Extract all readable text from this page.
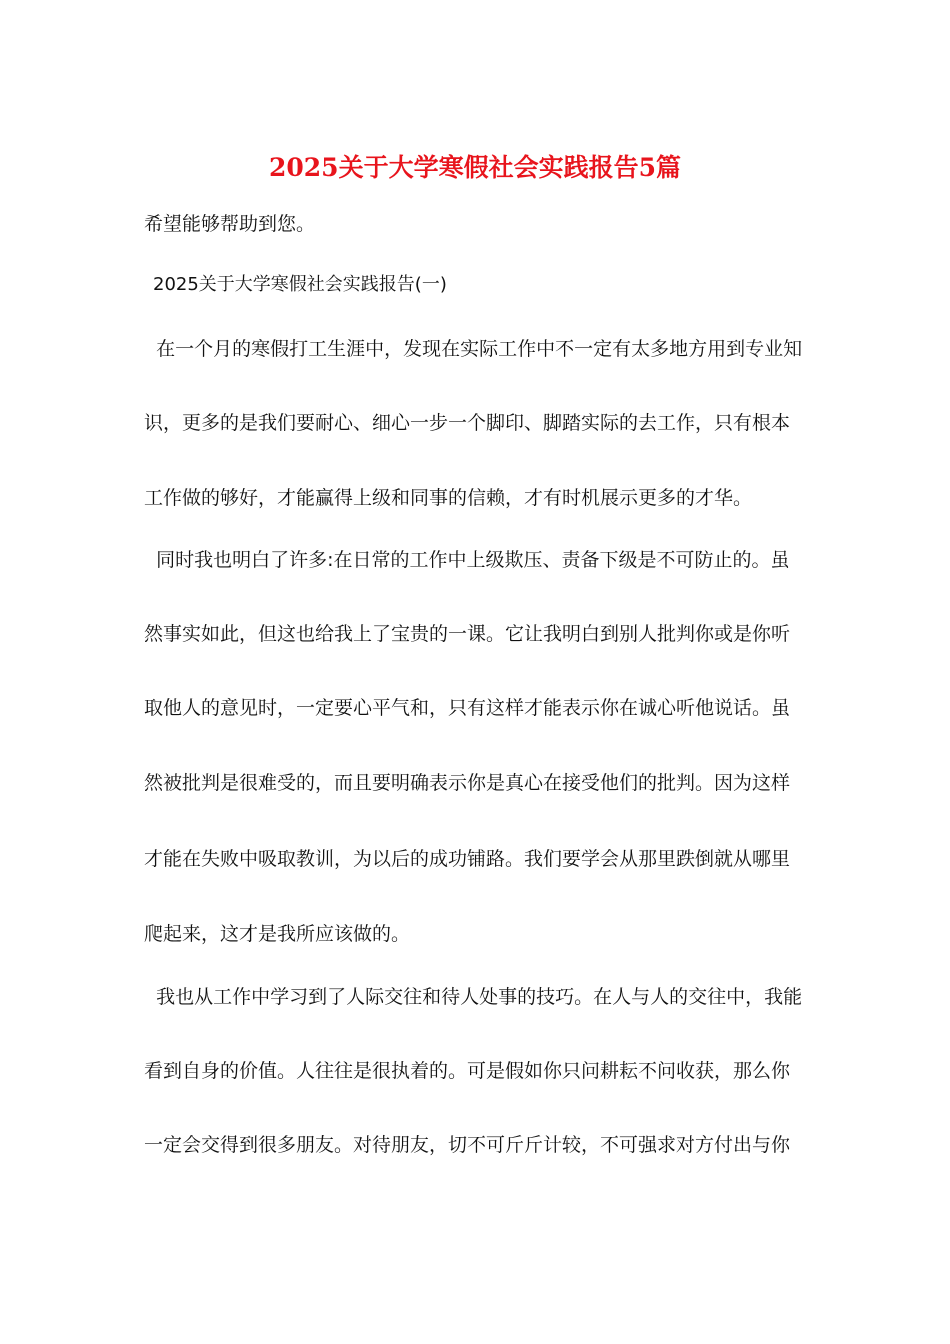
2025关于大学寒假社会实践报告5篇
希望能够帮助到您。
2025关于大学寒假社会实践报告(一)
在一个月的寒假打工生涯中，发现在实际工作中不一定有太多地方用到专业知
识，更多的是我们要耐心、细心一步一个脚印、脚踏实际的去工作，只有根本
工作做的够好，才能赢得上级和同事的信赖，才有时机展示更多的才华。
同时我也明白了许多:在日常的工作中上级欺压、责备下级是不可防止的。虽
然事实如此，但这也给我上了宝贵的一课。它让我明白到别人批判你或是你听
取他人的意见时，一定要心平气和，只有这样才能表示你在诚心听他说话。虽
然被批判是很难受的，而且要明确表示你是真心在接受他们的批判。因为这样
才能在失败中吸取教训，为以后的成功铺路。我们要学会从那里跌倒就从哪里
爬起来，这才是我所应该做的。
我也从工作中学习到了人际交往和待人处事的技巧。在人与人的交往中，我能
看到自身的价值。人往往是很执着的。可是假如你只问耕耘不问收获，那么你
一定会交得到很多朋友。对待朋友，切不可斤斤计较，不可强求对方付出与你
